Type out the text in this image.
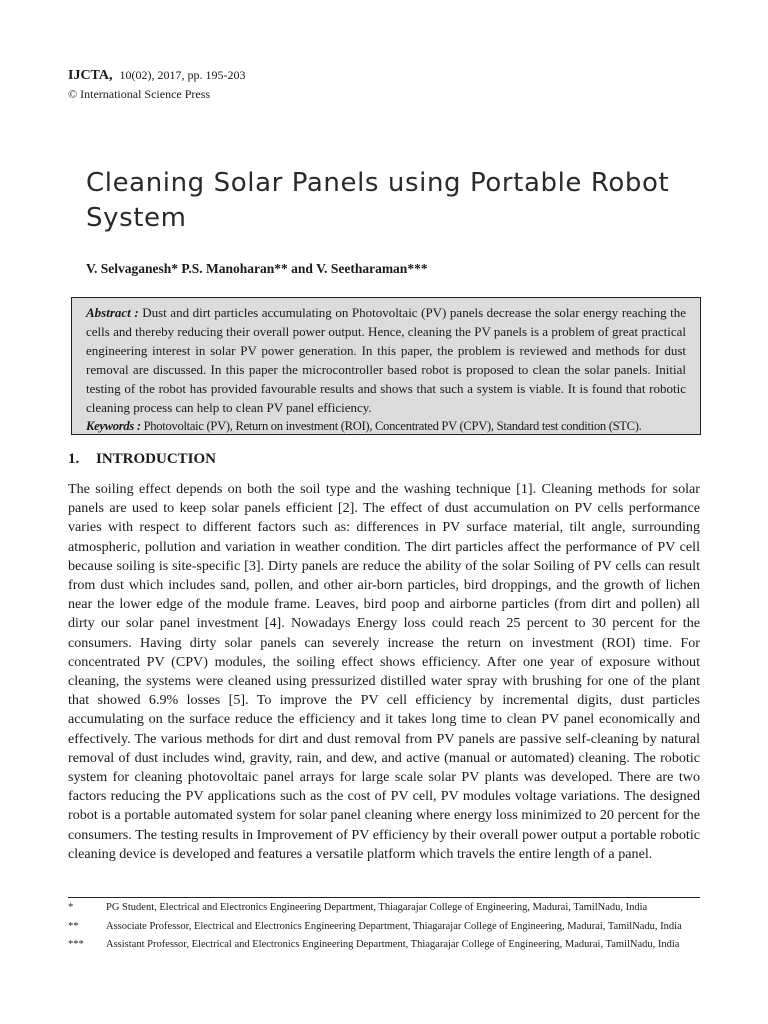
IJCTA, 10(02), 2017, pp. 195-203
© International Science Press
Cleaning Solar Panels using Portable Robot System

V. Selvaganesh* P.S. Manoharan** and V. Seetharaman***

Abstract : Dust and dirt particles accumulating on Photovoltaic (PV) panels decrease the solar energy reaching the cells and thereby reducing their overall power output. Hence, cleaning the PV panels is a problem of great practical engineering interest in solar PV power generation. In this paper, the problem is reviewed and methods for dust removal are discussed. In this paper the microcontroller based robot is proposed to clean the solar panels. Initial testing of the robot has provided favourable results and shows that such a system is viable. It is found that robotic cleaning process can help to clean PV panel efficiency.

Keywords : Photovoltaic (PV), Return on investment (ROI), Concentrated PV (CPV), Standard test condition (STC).

1. INTRODUCTION

The soiling effect depends on both the soil type and the washing technique [1]. Cleaning methods for solar panels are used to keep solar panels efficient [2]. The effect of dust accumulation on PV cells performance varies with respect to different factors such as: differences in PV surface material, tilt angle, surrounding atmospheric, pollution and variation in weather condition. The dirt particles affect the performance of PV cell because soiling is site-specific [3]. Dirty panels are reduce the ability of the solar Soiling of PV cells can result from dust which includes sand, pollen, and other air-born particles, bird droppings, and the growth of lichen near the lower edge of the module frame. Leaves, bird poop and airborne particles (from dirt and pollen) all dirty our solar panel investment [4]. Nowadays Energy loss could reach 25 percent to 30 percent for the consumers. Having dirty solar panels can severely increase the return on investment (ROI) time. For concentrated PV (CPV) modules, the soiling effect shows efficiency. After one year of exposure without cleaning, the systems were cleaned using pressurized distilled water spray with brushing for one of the plant that showed 6.9% losses [5]. To improve the PV cell efficiency by incremental digits, dust particles accumulating on the surface reduce the efficiency and it takes long time to clean PV panel economically and effectively. The various methods for dirt and dust removal from PV panels are passive self-cleaning by natural removal of dust includes wind, gravity, rain, and dew, and active (manual or automated) cleaning. The robotic system for cleaning photovoltaic panel arrays for large scale solar PV plants was developed. There are two factors reducing the PV applications such as the cost of PV cell, PV modules voltage variations. The designed robot is a portable automated system for solar panel cleaning where energy loss minimized to 20 percent for the consumers. The testing results in Improvement of PV efficiency by their overall power output a portable robotic cleaning device is developed and features a versatile platform which travels the entire length of a panel.

*	PG Student, Electrical and Electronics Engineering Department, Thiagarajar College of Engineering, Madurai, TamilNadu, India
**	Associate Professor, Electrical and Electronics Engineering Department, Thiagarajar College of Engineering, Madurai, TamilNadu, India
***	Assistant Professor, Electrical and Electronics Engineering Department, Thiagarajar College of Engineering, Madurai, TamilNadu, India
